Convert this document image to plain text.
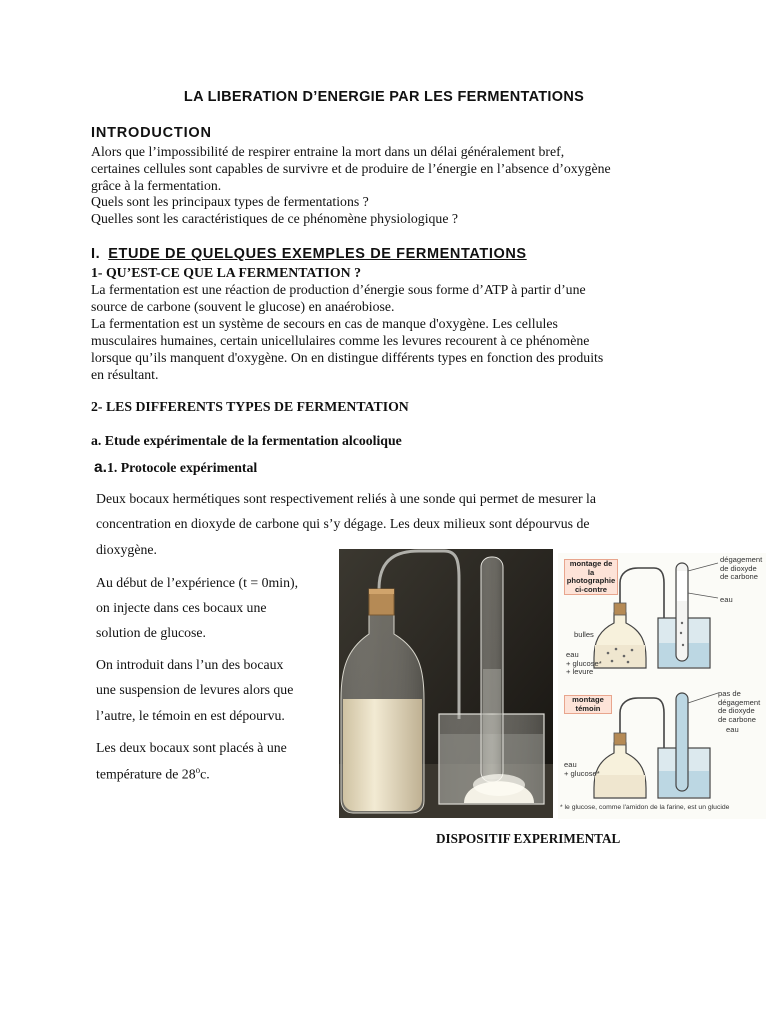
LA LIBERATION D’ENERGIE PAR LES FERMENTATIONS
INTRODUCTION
Alors que l’impossibilité de respirer entraine la mort dans un délai généralement bref,
certaines cellules sont capables de survivre et de produire de l’énergie en l’absence d’oxygène
grâce à la fermentation.
Quels sont les principaux types de fermentations ?
Quelles sont les caractéristiques de ce phénomène physiologique ?
I. ETUDE DE QUELQUES EXEMPLES DE FERMENTATIONS
1- QU’EST-CE QUE LA FERMENTATION ?
La fermentation est une réaction de production d’énergie sous forme d’ATP à partir d’une
source de carbone (souvent le glucose) en anaérobiose.
La fermentation est un système de secours en cas de manque d'oxygène. Les cellules
musculaires humaines, certain unicellulaires comme les levures recourent à ce phénomène
lorsque qu’ils manquent d'oxygène. On en distingue différents types en fonction des produits
en résultant.
2- LES DIFFERENTS TYPES DE FERMENTATION
a. Etude expérimentale de la fermentation alcoolique
a.1. Protocole expérimental
Deux bocaux hermétiques sont respectivement reliés à une sonde qui permet de mesurer la
concentration en dioxyde de carbone qui s’y dégage. Les deux milieux sont dépourvus de
dioxygène.
Au début de l’expérience (t = 0min),
on injecte dans ces bocaux une
solution de glucose.
On introduit dans l’un des bocaux
une suspension de levures alors que
l’autre, le témoin en est dépourvu.
Les deux bocaux sont placés à une
température de 28$^o$c.
montage de
la photographie
ci-contre
dégagement
de dioxyde
de carbone
eau
bulles
eau
+ glucose*
+ levure
montage
témoin
pas de
dégagement
de dioxyde
de carbone
eau
eau
+ glucose*
* le glucose, comme l'amidon de la farine, est un glucide
DISPOSITIF EXPERIMENTAL
